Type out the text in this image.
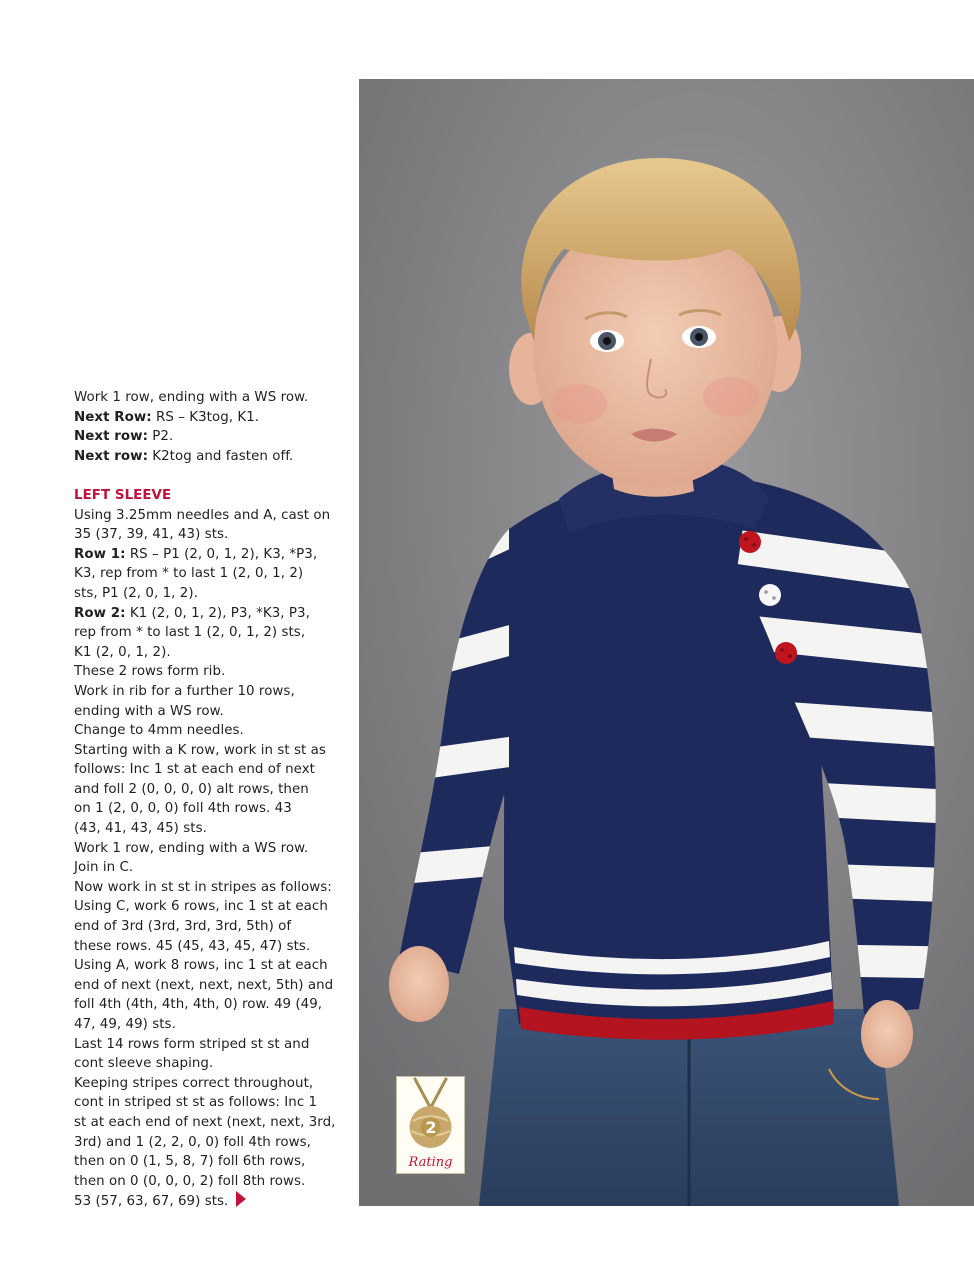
Work 1 row, ending with a WS row.

Next Row: RS – K3tog, K1.

Next row: P2.

Next row: K2tog and fasten off.

LEFT SLEEVE

Using 3.25mm needles and A, cast on

35 (37, 39, 41, 43) sts.

Row 1: RS – P1 (2, 0, 1, 2), K3, *P3,

K3, rep from * to last 1 (2, 0, 1, 2)

sts, P1 (2, 0, 1, 2).

Row 2: K1 (2, 0, 1, 2), P3, *K3, P3,

rep from * to last 1 (2, 0, 1, 2) sts,

K1 (2, 0, 1, 2).

These 2 rows form rib.

Work in rib for a further 10 rows,

ending with a WS row.

Change to 4mm needles.

Starting with a K row, work in st st as

follows: Inc 1 st at each end of next

and foll 2 (0, 0, 0, 0) alt rows, then

on 1 (2, 0, 0, 0) foll 4th rows. 43

(43, 41, 43, 45) sts.

Work 1 row, ending with a WS row.

Join in C.

Now work in st st in stripes as follows:

Using C, work 6 rows, inc 1 st at each

end of 3rd (3rd, 3rd, 3rd, 5th) of

these rows. 45 (45, 43, 45, 47) sts.

Using A, work 8 rows, inc 1 st at each

end of next (next, next, next, 5th) and

foll 4th (4th, 4th, 4th, 0) row. 49 (49,

47, 49, 49) sts.

Last 14 rows form striped st st and

cont sleeve shaping.

Keeping stripes correct throughout,

cont in striped st st as follows: Inc 1

st at each end of next (next, next, 3rd,

3rd) and 1 (2, 2, 0, 0) foll 4th rows,

then on 0 (1, 5, 8, 7) foll 6th rows,

then on 0 (0, 0, 0, 2) foll 8th rows.

53 (57, 63, 67, 69) sts.

2
Rating
